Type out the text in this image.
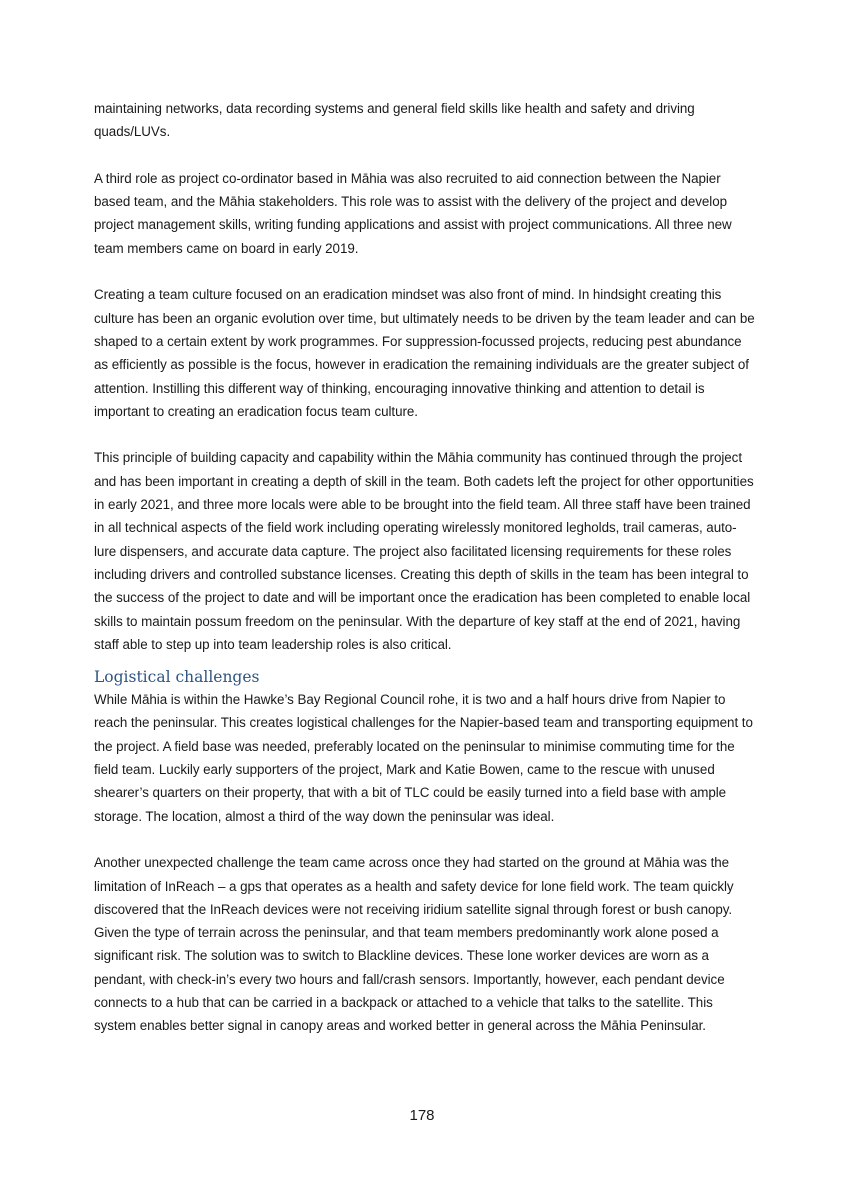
maintaining networks, data recording systems and general field skills like health and safety and driving quads/LUVs.

A third role as project co-ordinator based in Māhia was also recruited to aid connection between the Napier based team, and the Māhia stakeholders. This role was to assist with the delivery of the project and develop project management skills, writing funding applications and assist with project communications. All three new team members came on board in early 2019.

Creating a team culture focused on an eradication mindset was also front of mind. In hindsight creating this culture has been an organic evolution over time, but ultimately needs to be driven by the team leader and can be shaped to a certain extent by work programmes. For suppression-focussed projects, reducing pest abundance as efficiently as possible is the focus, however in eradication the remaining individuals are the greater subject of attention. Instilling this different way of thinking, encouraging innovative thinking and attention to detail is important to creating an eradication focus team culture.

This principle of building capacity and capability within the Māhia community has continued through the project and has been important in creating a depth of skill in the team. Both cadets left the project for other opportunities in early 2021, and three more locals were able to be brought into the field team. All three staff have been trained in all technical aspects of the field work including operating wirelessly monitored legholds, trail cameras, auto-lure dispensers, and accurate data capture. The project also facilitated licensing requirements for these roles including drivers and controlled substance licenses. Creating this depth of skills in the team has been integral to the success of the project to date and will be important once the eradication has been completed to enable local skills to maintain possum freedom on the peninsular. With the departure of key staff at the end of 2021, having staff able to step up into team leadership roles is also critical.

Logistical challenges

While Māhia is within the Hawke’s Bay Regional Council rohe, it is two and a half hours drive from Napier to reach the peninsular. This creates logistical challenges for the Napier-based team and transporting equipment to the project. A field base was needed, preferably located on the peninsular to minimise commuting time for the field team. Luckily early supporters of the project, Mark and Katie Bowen, came to the rescue with unused shearer’s quarters on their property, that with a bit of TLC could be easily turned into a field base with ample storage. The location, almost a third of the way down the peninsular was ideal.

Another unexpected challenge the team came across once they had started on the ground at Māhia was the limitation of InReach – a gps that operates as a health and safety device for lone field work. The team quickly discovered that the InReach devices were not receiving iridium satellite signal through forest or bush canopy. Given the type of terrain across the peninsular, and that team members predominantly work alone posed a significant risk. The solution was to switch to Blackline devices. These lone worker devices are worn as a pendant, with check-in’s every two hours and fall/crash sensors. Importantly, however, each pendant device connects to a hub that can be carried in a backpack or attached to a vehicle that talks to the satellite. This system enables better signal in canopy areas and worked better in general across the Māhia Peninsular.

178
